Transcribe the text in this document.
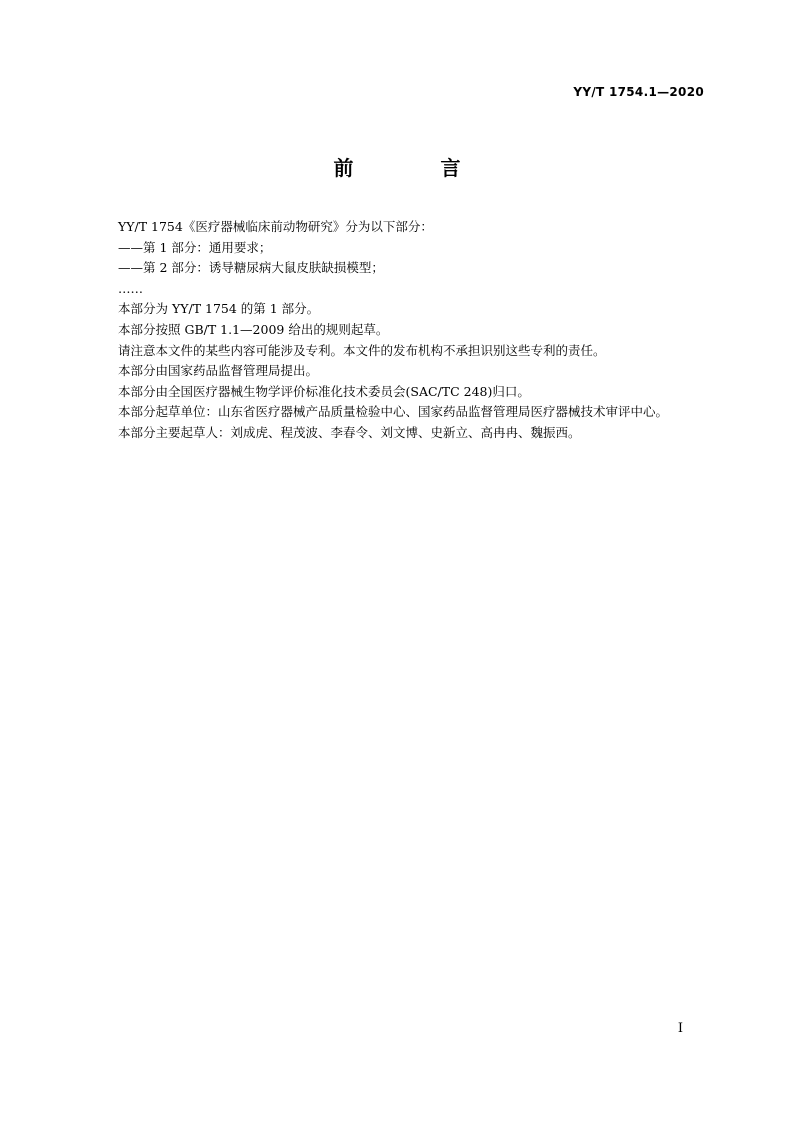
YY/T 1754.1—2020
前 言

YY/T 1754《医疗器械临床前动物研究》分为以下部分：

——第 1 部分：通用要求；

——第 2 部分：诱导糖尿病大鼠皮肤缺损模型；

……

本部分为 YY/T 1754 的第 1 部分。

本部分按照 GB/T 1.1—2009 给出的规则起草。

请注意本文件的某些内容可能涉及专利。本文件的发布机构不承担识别这些专利的责任。

本部分由国家药品监督管理局提出。

本部分由全国医疗器械生物学评价标准化技术委员会(SAC/TC 248)归口。

本部分起草单位：山东省医疗器械产品质量检验中心、国家药品监督管理局医疗器械技术审评中心。

本部分主要起草人：刘成虎、程茂波、李春令、刘文博、史新立、高冉冉、魏振西。

I
